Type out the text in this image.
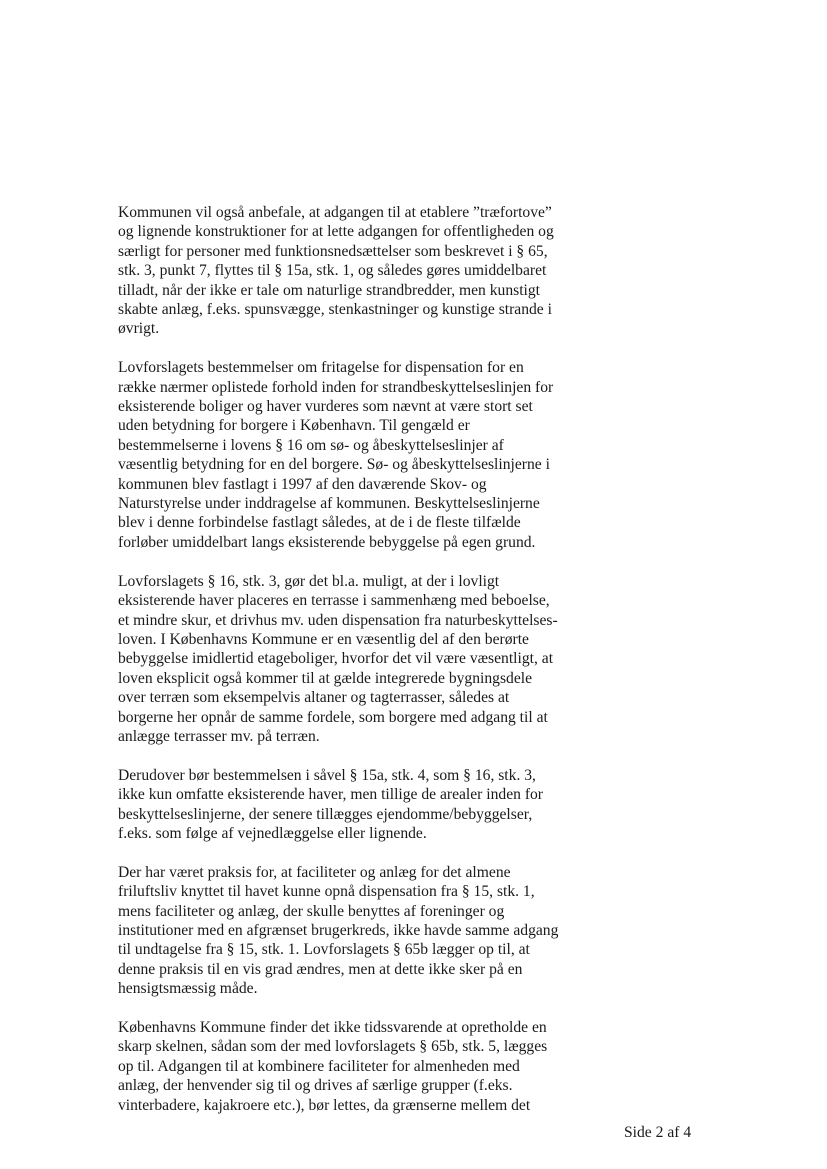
Kommunen vil også anbefale, at adgangen til at etablere ”træfortove”
og lignende konstruktioner for at lette adgangen for offentligheden og
særligt for personer med funktionsnedsættelser som beskrevet i § 65,
stk. 3, punkt 7, flyttes til § 15a, stk. 1, og således gøres umiddelbaret
tilladt, når der ikke er tale om naturlige strandbredder, men kunstigt
skabte anlæg, f.eks. spunsvægge, stenkastninger og kunstige strande i
øvrigt.

Lovforslagets bestemmelser om fritagelse for dispensation for en
række nærmer oplistede forhold inden for strandbeskyttelseslinjen for
eksisterende boliger og haver vurderes som nævnt at være stort set
uden betydning for borgere i København. Til gengæld er
bestemmelserne i lovens § 16 om sø- og åbeskyttelseslinjer af
væsentlig betydning for en del borgere. Sø- og åbeskyttelseslinjerne i
kommunen blev fastlagt i 1997 af den daværende Skov- og
Naturstyrelse under inddragelse af kommunen. Beskyttelseslinjerne
blev i denne forbindelse fastlagt således, at de i de fleste tilfælde
forløber umiddelbart langs eksisterende bebyggelse på egen grund.

Lovforslagets § 16, stk. 3, gør det bl.a. muligt, at der i lovligt
eksisterende haver placeres en terrasse i sammenhæng med beboelse,
et mindre skur, et drivhus mv. uden dispensation fra naturbeskyttelses-
loven. I Københavns Kommune er en væsentlig del af den berørte
bebyggelse imidlertid etageboliger, hvorfor det vil være væsentligt, at
loven eksplicit også kommer til at gælde integrerede bygningsdele
over terræn som eksempelvis altaner og tagterrasser, således at
borgerne her opnår de samme fordele, som borgere med adgang til at
anlægge terrasser mv. på terræn.

Derudover bør bestemmelsen i såvel § 15a, stk. 4, som § 16, stk. 3,
ikke kun omfatte eksisterende haver, men tillige de arealer inden for
beskyttelseslinjerne, der senere tillægges ejendomme/bebyggelser,
f.eks. som følge af vejnedlæggelse eller lignende.

Der har været praksis for, at faciliteter og anlæg for det almene
friluftsliv knyttet til havet kunne opnå dispensation fra § 15, stk. 1,
mens faciliteter og anlæg, der skulle benyttes af foreninger og
institutioner med en afgrænset brugerkreds, ikke havde samme adgang
til undtagelse fra § 15, stk. 1. Lovforslagets § 65b lægger op til, at
denne praksis til en vis grad ændres, men at dette ikke sker på en
hensigtsmæssig måde.

Københavns Kommune finder det ikke tidssvarende at opretholde en
skarp skelnen, sådan som der med lovforslagets § 65b, stk. 5, lægges
op til. Adgangen til at kombinere faciliteter for almenheden med
anlæg, der henvender sig til og drives af særlige grupper (f.eks.
vinterbadere, kajakroere etc.), bør lettes, da grænserne mellem det

Side 2 af 4
